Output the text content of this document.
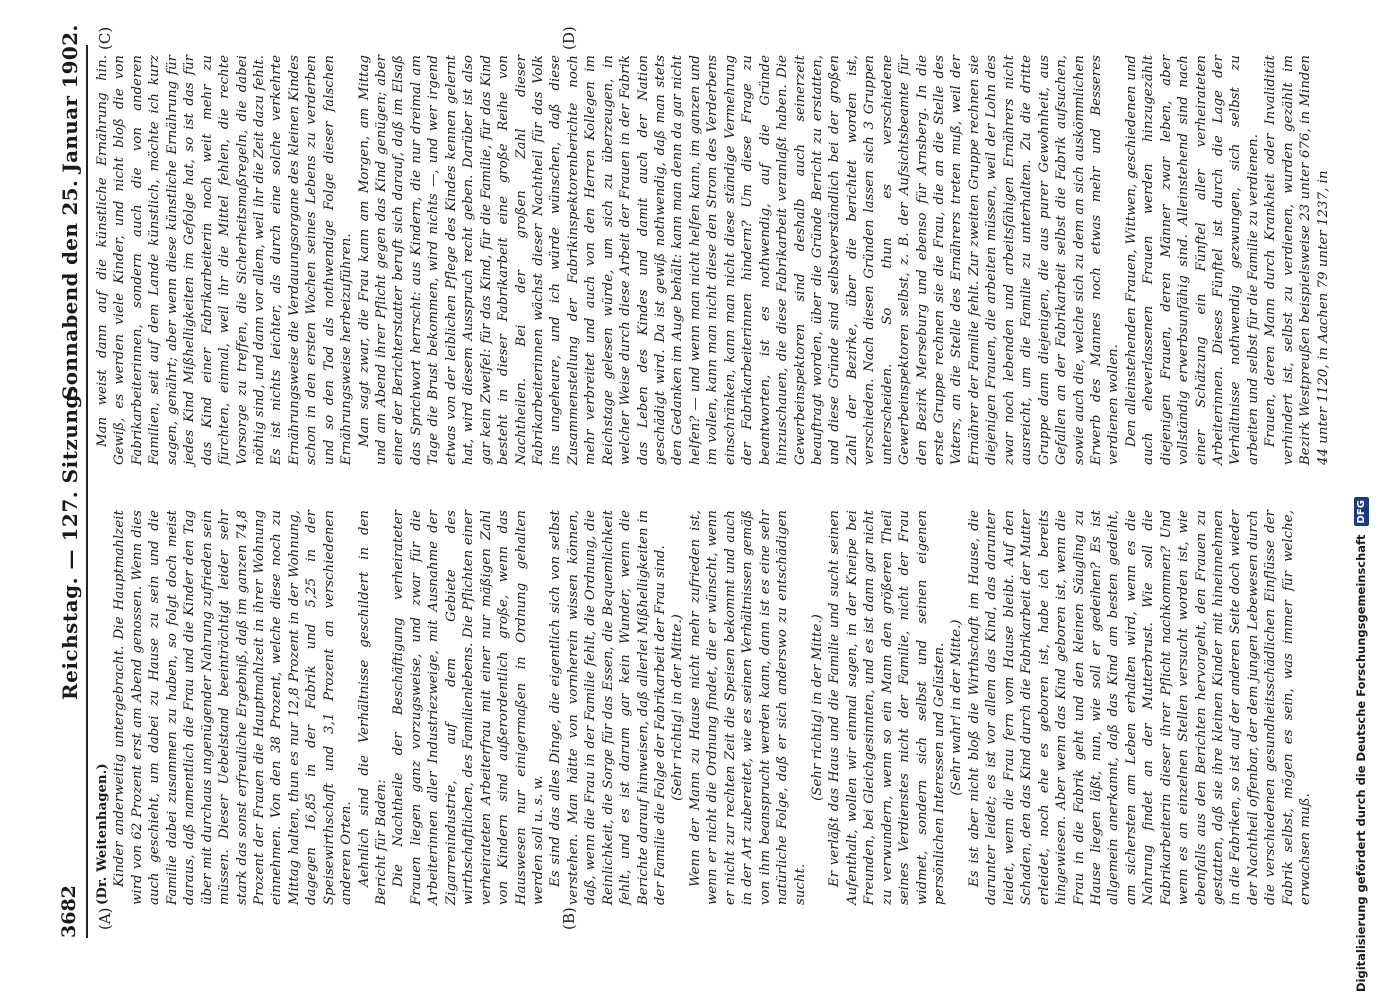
3682
Reichstag. — 127. Sitzung.
Sonnabend den 25. Januar 1902.
(A)	(B)
(C)	(D)

(Dr. Weitenhagen.) Kinder anderweitig untergebracht. Die Hauptmahlzeit wird von 62 Prozent erst am Abend genossen. Wenn dies auch geschieht, um dabei zu Hause zu sein und die Familie dabei zusammen zu haben, so folgt doch meist daraus, daß namentlich die Frau und die Kinder den Tag über mit durchaus ungenügender Nahrung zufrieden sein müssen. Dieser Uebelstand beeinträchtigt leider sehr stark das sonst erfreuliche Ergebniß, daß im ganzen 74,8 Prozent der Frauen die Hauptmahlzeit in ihrer Wohnung einnehmen. Von den 38 Prozent, welche diese noch zu Mittag halten, thun es nur 12,8 Prozent in der Wohnung, dagegen 16,85 in der Fabrik und 5,25 in der Speisewirthschaft und 3,1 Prozent an verschiedenen anderen Orten. Aehnlich sind die Verhältnisse geschildert in den Bericht für Baden: Die Nachtheile der Beschäftigung verheirateter Frauen liegen ganz vorzugsweise, und zwar für die Arbeiterinnen aller Industriezweige, mit Ausnahme der Zigarrenindustrie, auf dem Gebiete des wirthschaftlichen, des Familienlebens. Die Pflichten einer verheirateten Arbeiterfrau mit einer nur mäßigen Zahl von Kindern sind außerordentlich große, wenn das Hauswesen nur einigermaßen in Ordnung gehalten werden soll u. s. w. Es sind das alles Dinge, die eigentlich sich von selbst verstehen. Man hätte von vornherein wissen können, daß, wenn die Frau in der Familie fehlt, die Ordnung, die Reinlichkeit, die Sorge für das Essen, die Bequemlichkeit fehlt, und es ist darum gar kein Wunder, wenn die Berichte darauf hinweisen, daß allerlei Mißhelligkeiten in der Familie die Folge der Fabrikarbeit der Frau sind. (Sehr richtig! in der Mitte.) Wenn der Mann zu Hause nicht mehr zufrieden ist, wenn er nicht die Ordnung findet, die er wünscht, wenn er nicht zur rechten Zeit die Speisen bekommt und auch in der Art zubereitet, wie es seinen Verhältnissen gemäß von ihm beansprucht werden kann, dann ist es eine sehr natürliche Folge, daß er sich anderswo zu entschädigen sucht.

(Sehr richtig! in der Mitte.) Er verläßt das Haus und die Familie und sucht seinen Aufenthalt, wollen wir einmal sagen, in der Kneipe bei Freunden, bei Gleichgesinnten, und es ist dann gar nicht zu verwundern, wenn so ein Mann den größeren Theil seines Verdienstes nicht der Familie, nicht der Frau widmet, sondern sich selbst und seinen eigenen persönlichen Interessen und Gelüsten. (Sehr wahr! in der Mitte.) Es ist aber nicht bloß die Wirthschaft im Hause, die darunter leidet; es ist vor allem das Kind, das darunter leidet, wenn die Frau fern vom Hause bleibt. Auf den Schaden, den das Kind durch die Fabrikarbeit der Mutter erleidet, noch ehe es geboren ist, habe ich bereits hingewiesen. Aber wenn das Kind geboren ist, wenn die Frau in die Fabrik geht und den kleinen Säugling zu Hause liegen läßt, nun, wie soll er gedeihen? Es ist allgemein anerkannt, daß das Kind am besten gedeiht, am sichersten am Leben erhalten wird, wenn es die Nahrung findet an der Mutterbrust. Wie soll die Fabrikarbeiterin dieser ihrer Pflicht nachkommen? Und wenn es an einzelnen Stellen versucht worden ist, wie ebenfalls aus den Berichten hervorgeht, den Frauen zu gestatten, daß sie ihre kleinen Kinder mit hineinnehmen in die Fabriken, so ist auf der anderen Seite doch wieder der Nachtheil offenbar, der dem jungen Lebewesen durch die verschiedenen gesundheitsschädlichen Einflüsse der Fabrik selbst, mögen es sein, was immer für welche, erwachsen muß.

Man weist dann auf die künstliche Ernährung hin. Gewiß, es werden viele Kinder, und nicht bloß die von Fabrikarbeiterinnen, sondern auch die von anderen Familien, seit auf dem Lande künstlich, möchte ich kurz sagen, genährt; aber wenn diese künstliche Ernährung für jedes Kind Mißhelligkeiten im Gefolge hat, so ist das für das Kind einer Fabrikarbeiterin noch weit mehr zu fürchten, einmal, weil ihr die Mittel fehlen, die rechte Vorsorge zu treffen, die Sicherheitsmaßregeln, die dabei nöthig sind, und dann vor allem, weil ihr die Zeit dazu fehlt. Es ist nichts leichter, als durch eine solche verkehrte Ernährungsweise die Verdauungsorgane des kleinen Kindes schon in den ersten Wochen seines Lebens zu verderben und so den Tod als nothwendige Folge dieser falschen Ernährungsweise herbeizuführen. Man sagt zwar, die Frau kann am Morgen, am Mittag und am Abend ihrer Pflicht gegen das Kind genügen; aber einer der Berichterstatter beruft sich darauf, daß im Elsaß das Sprichwort herrscht: aus Kindern, die nur dreimal am Tage die Brust bekommen, wird nichts —, und wer irgend etwas von der leiblichen Pflege des Kindes kennen gelernt hat, wird diesem Ausspruch recht geben. Darüber ist also gar kein Zweifel: für das Kind, für die Familie, für das Kind besteht in dieser Fabrikarbeit eine große Reihe von Nachtheilen. Bei der großen Zahl dieser Fabrikarbeiterinnen wächst dieser Nachtheil für das Volk ins ungeheure, und ich würde wünschen, daß diese Zusammenstellung der Fabrikinspektorenberichte noch mehr verbreitet und auch von den Herren Kollegen im Reichstage gelesen würde, um sich zu überzeugen, in welcher Weise durch diese Arbeit der Frauen in der Fabrik das Leben des Kindes und damit auch der Nation geschädigt wird. Da ist gewiß nothwendig, daß man stets den Gedanken im Auge behält: kann man denn da gar nicht helfen? — und wenn man nicht helfen kann, im ganzen und im vollen, kann man nicht diese den Strom des Verderbens einschränken, kann man nicht diese ständige Vermehrung der Fabrikarbeiterinnen hindern? Um diese Frage zu beantworten, ist es nothwendig, auf die Gründe hinzuschauen, die diese Fabrikarbeit veranlaßt haben. Die Gewerbeinspektoren sind deshalb auch seinerzeit beauftragt worden, über die Gründe Bericht zu erstatten, und diese Gründe sind selbstverständlich bei der großen Zahl der Bezirke, über die berichtet worden ist, verschieden. Nach diesen Gründen lassen sich 3 Gruppen unterscheiden. So thun es verschiedene Gewerbeinspektoren selbst, z. B. der Aufsichtsbeamte für den Bezirk Merseburg und ebenso für Arnsberg. In die erste Gruppe rechnen sie die Frau, die an die Stelle des Vaters, an die Stelle des Ernährers treten muß, weil der Ernährer der Familie fehlt. Zur zweiten Gruppe rechnen sie diejenigen Frauen, die arbeiten müssen, weil der Lohn des zwar noch lebenden und arbeitsfähigen Ernährers nicht ausreicht, um die Familie zu unterhalten. Zu die dritte Gruppe dann diejenigen, die aus purer Gewohnheit, aus Gefallen an der Fabrikarbeit selbst die Fabrik aufsuchen, sowie auch die, welche sich zu dem an sich auskömmlichen Erwerb des Mannes noch etwas mehr und Besseres verdienen wollen. Den alleinstehenden Frauen, Wittwen, geschiedenen und auch eheverlassenen Frauen werden hinzugezählt diejenigen Frauen, deren Männer zwar leben, aber vollständig erwerbsunfähig sind. Alleinstehend sind nach einer Schätzung ein Fünftel aller verheirateten Arbeiterinnen. Dieses Fünftel ist durch die Lage der Verhältnisse nothwendig gezwungen, sich selbst zu arbeiten und selbst für die Familie zu verdienen. Frauen, deren Mann durch Krankheit oder Invalidität verhindert ist, selbst zu verdienen, wurden gezählt im Bezirk Westpreußen beispielsweise 23 unter 676, in Minden 44 unter 1120, in Aachen 79 unter 1237, in

Digitalisierung gefördert durch die Deutsche Forschungsgemeinschaft
DFG
